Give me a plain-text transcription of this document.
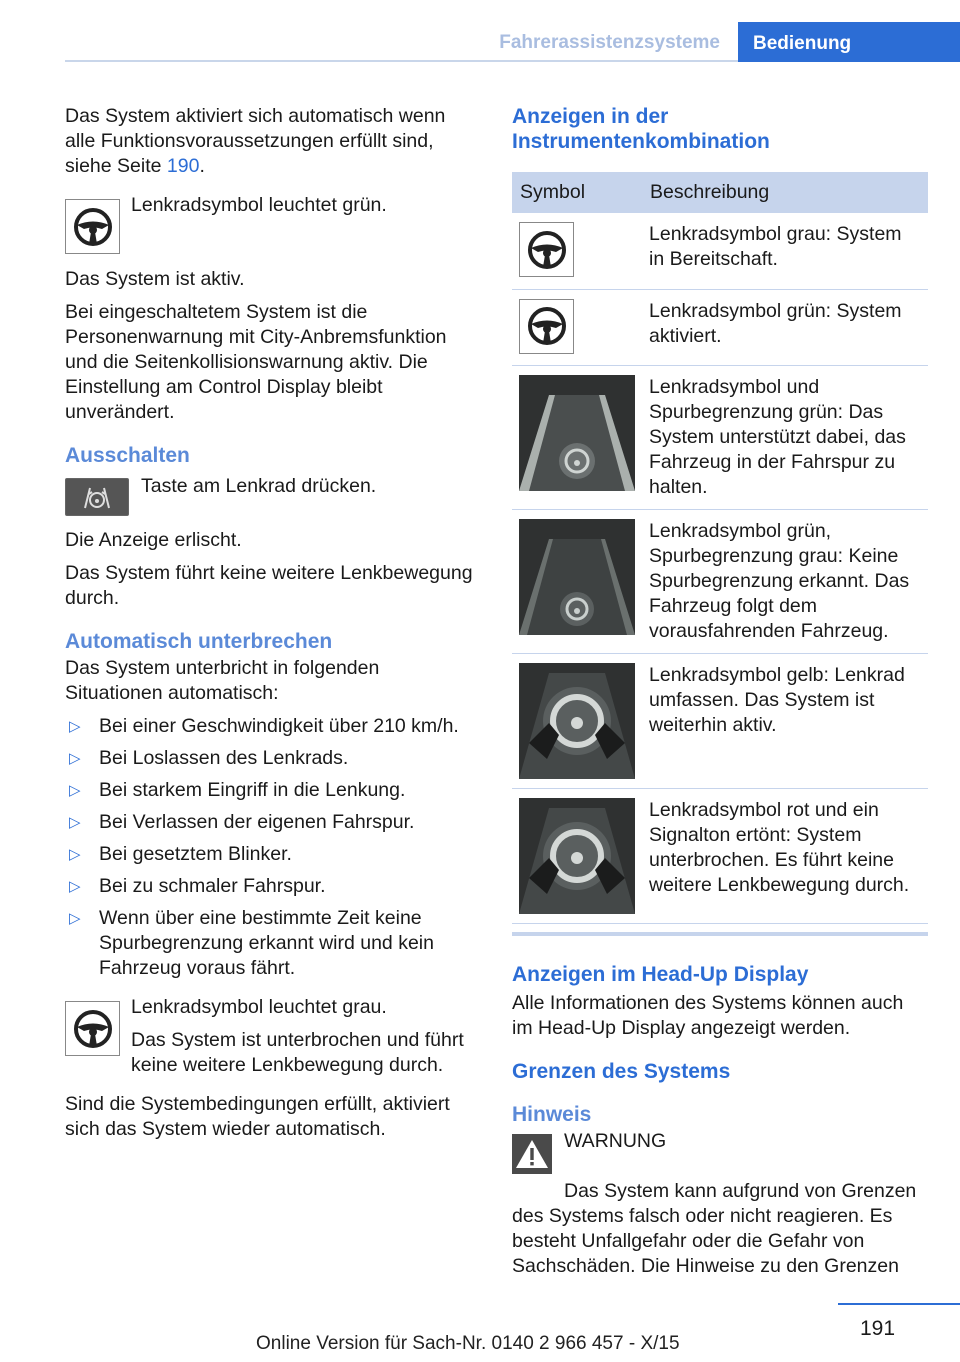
Fahrerassistenzsysteme	Bedienung

Das System aktiviert sich automatisch wenn alle Funktionsvoraussetzungen erfüllt sind, siehe Seite 190.

Lenkradsymbol leuchtet grün.

Das System ist aktiv.

Bei eingeschaltetem System ist die Personenwarnung mit City-Anbremsfunktion und die Seitenkollisionswarnung aktiv. Die Einstellung am Control Display bleibt unverändert.

Ausschalten

Taste am Lenkrad drücken.

Die Anzeige erlischt.

Das System führt keine weitere Lenkbewegung durch.

Automatisch unterbrechen

Das System unterbricht in folgenden Situationen automatisch:

▷ Bei einer Geschwindigkeit über 210 km/h.
▷ Bei Loslassen des Lenkrads.
▷ Bei starkem Eingriff in die Lenkung.
▷ Bei Verlassen der eigenen Fahrspur.
▷ Bei gesetztem Blinker.
▷ Bei zu schmaler Fahrspur.
▷ Wenn über eine bestimmte Zeit keine Spurbegrenzung erkannt wird und kein Fahrzeug voraus fährt.

Lenkradsymbol leuchtet grau.

Das System ist unterbrochen und führt keine weitere Lenkbewegung durch.

Sind die Systembedingungen erfüllt, aktiviert sich das System wieder automatisch.

Anzeigen in der Instrumentenkombination
Symbol	Beschreibung

	Lenkradsymbol grau: System in Bereitschaft.

	Lenkradsymbol grün: System aktiviert.

	Lenkradsymbol und Spurbegrenzung grün: Das System unterstützt dabei, das Fahrzeug in der Fahrspur zu halten.

	Lenkradsymbol grün, Spurbegrenzung grau: Keine Spurbegrenzung erkannt. Das Fahrzeug folgt dem vorausfahrenden Fahrzeug.

	Lenkradsymbol gelb: Lenkrad umfassen. Das System ist weiterhin aktiv.

	Lenkradsymbol rot und ein Signalton ertönt: System unterbrochen. Es führt keine weitere Lenkbewegung durch.
Anzeigen im Head-Up Display

Alle Informationen des Systems können auch im Head-Up Display angezeigt werden.

Grenzen des Systems
Hinweis

WARNUNG

Das System kann aufgrund von Grenzen des Systems falsch oder nicht reagieren. Es besteht Unfallgefahr oder die Gefahr von Sachschäden. Die Hinweise zu den Grenzen

191
Online Version für Sach-Nr. 0140 2 966 457 - X/15
